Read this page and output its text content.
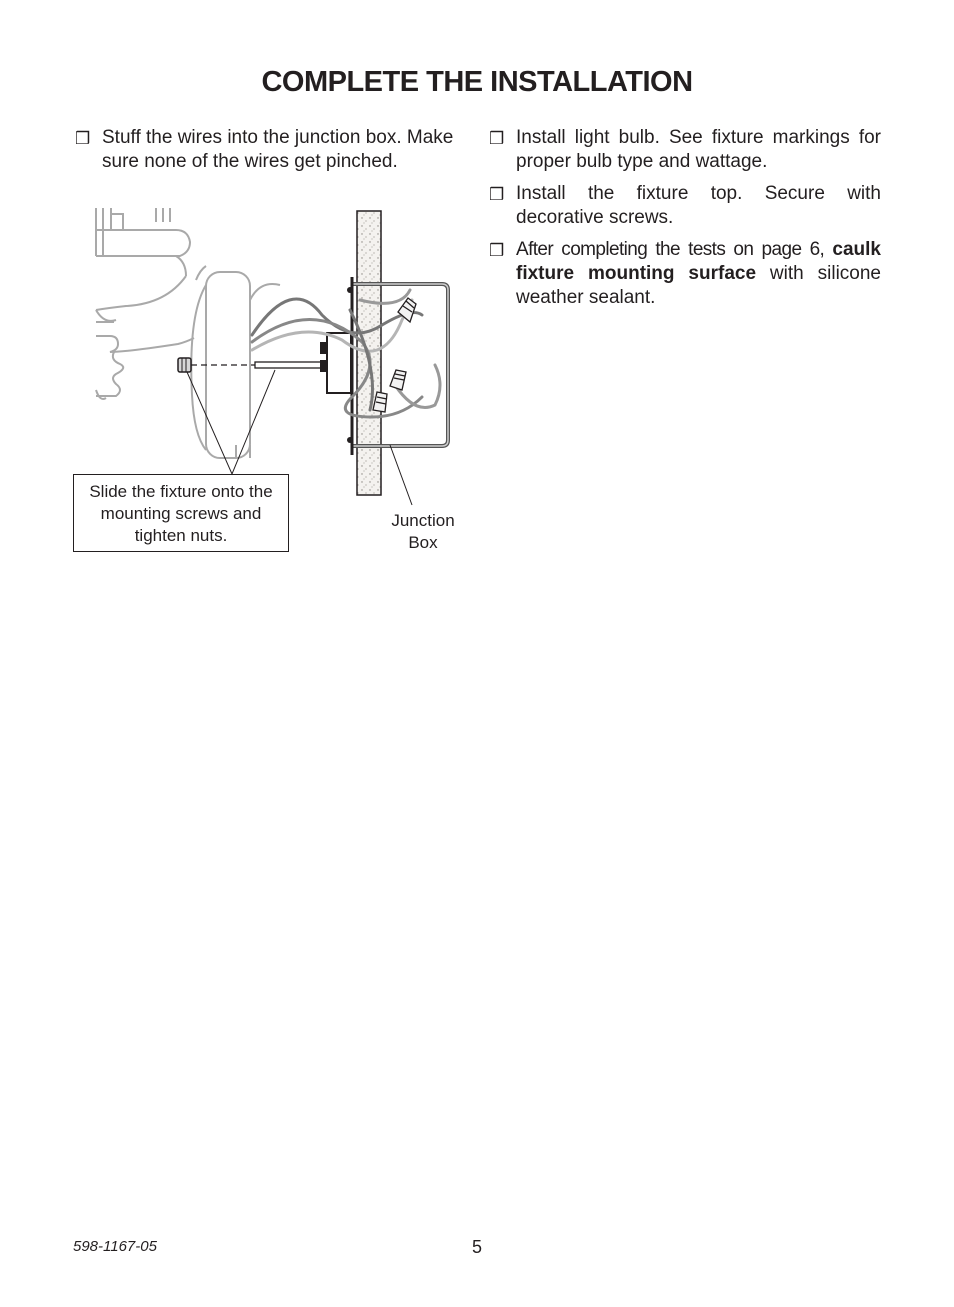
COMPLETE THE INSTALLATION
❒ Stuff the wires into the junction box. Make sure none of the wires get pinched.
❒ Install light bulb. See fixture markings for proper bulb type and wattage.
❒ Install the fixture top. Secure with decorative screws.
❒ After completing the tests on page 6, caulk fixture mounting surface with silicone weather sealant.
Slide the fixture onto the mounting screws and tighten nuts.
Junction
Box
598-1167-05	5
